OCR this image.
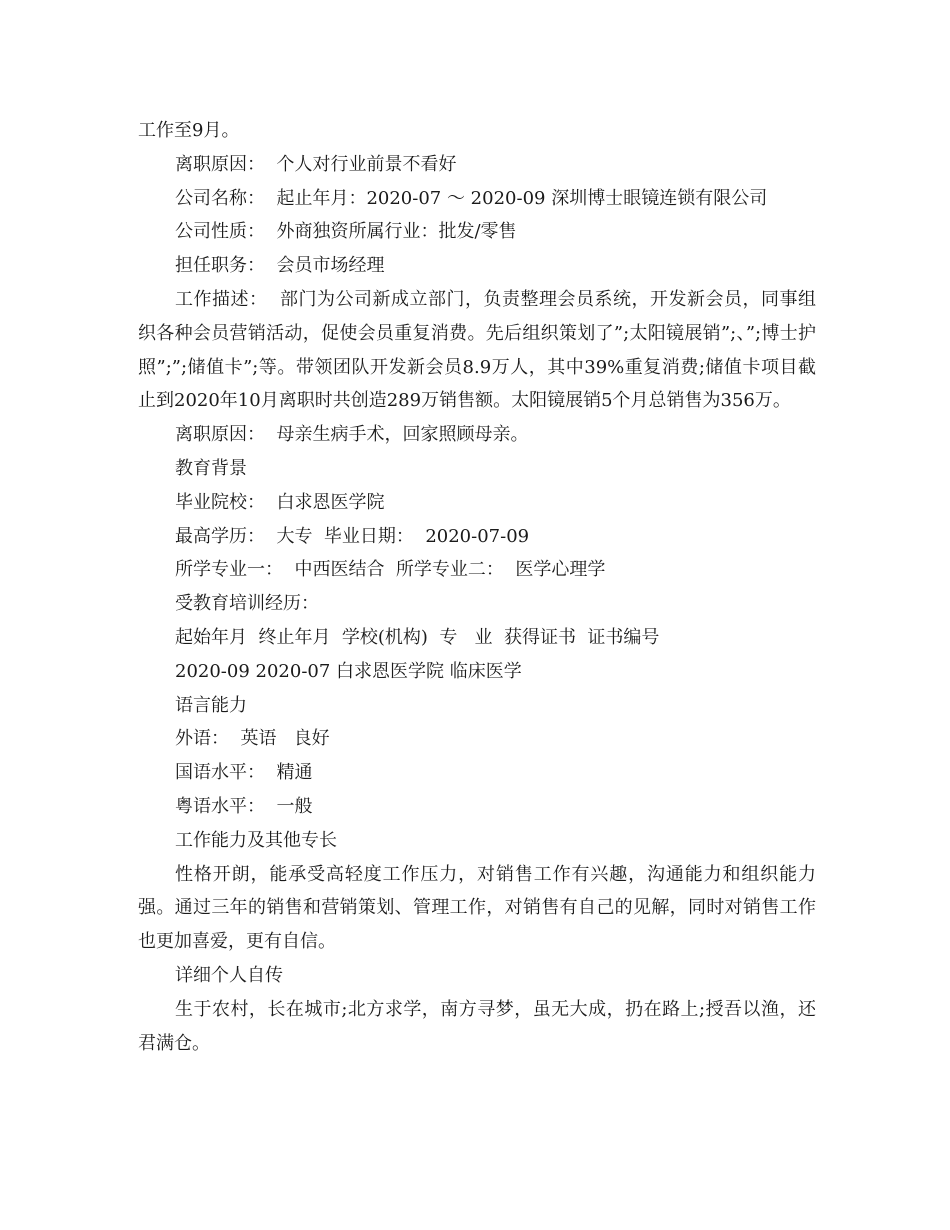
工作至9月。

离职原因：  个人对行业前景不看好

公司名称：  起止年月：2020-07 ～ 2020-09 深圳博士眼镜连锁有限公司

公司性质：  外商独资所属行业：批发/零售

担任职务：  会员市场经理

工作描述：  部门为公司新成立部门，负责整理会员系统，开发新会员，同事组织各种会员营销活动，促使会员重复消费。先后组织策划了”;太阳镜展销”;、”;博士护照”;”;储值卡”;等。带领团队开发新会员8.9万人，其中39%重复消费;储值卡项目截止到2020年10月离职时共创造289万销售额。太阳镜展销5个月总销售为356万。

离职原因：  母亲生病手术，回家照顾母亲。

教育背景

毕业院校：  白求恩医学院

最高学历：  大专  毕业日期：  2020-07-09

所学专业一：  中西医结合  所学专业二：  医学心理学

受教育培训经历：

起始年月  终止年月  学校(机构)  专   业  获得证书  证书编号

2020-09 2020-07 白求恩医学院 临床医学

语言能力

外语：  英语   良好

国语水平：  精通

粤语水平：  一般

工作能力及其他专长

性格开朗，能承受高轻度工作压力，对销售工作有兴趣，沟通能力和组织能力强。通过三年的销售和营销策划、管理工作，对销售有自己的见解，同时对销售工作也更加喜爱，更有自信。

详细个人自传

生于农村，长在城市;北方求学，南方寻梦，虽无大成，扔在路上;授吾以渔，还君满仓。
